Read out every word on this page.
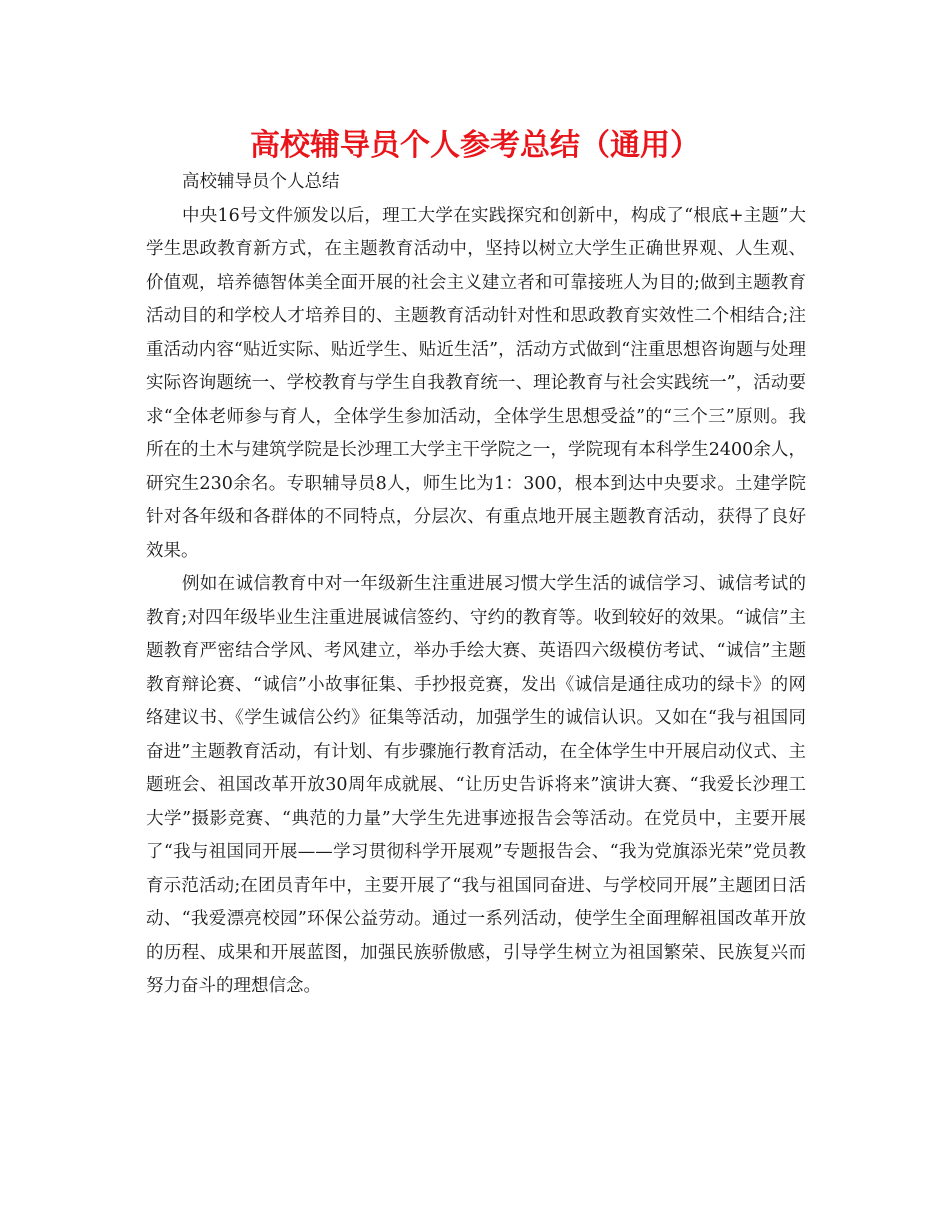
高校辅导员个人参考总结（通用）

高校辅导员个人总结

中央16号文件颁发以后，理工大学在实践探究和创新中，构成了“根底+主题”大学生思政教育新方式，在主题教育活动中，坚持以树立大学生正确世界观、人生观、价值观，培养德智体美全面开展的社会主义建立者和可靠接班人为目的;做到主题教育活动目的和学校人才培养目的、主题教育活动针对性和思政教育实效性二个相结合;注重活动内容“贴近实际、贴近学生、贴近生活”，活动方式做到“注重思想咨询题与处理实际咨询题统一、学校教育与学生自我教育统一、理论教育与社会实践统一”，活动要求“全体老师参与育人，全体学生参加活动，全体学生思想受益”的“三个三”原则。我所在的土木与建筑学院是长沙理工大学主干学院之一，学院现有本科学生2400余人，研究生230余名。专职辅导员8人，师生比为1：300，根本到达中央要求。土建学院针对各年级和各群体的不同特点，分层次、有重点地开展主题教育活动，获得了良好效果。

例如在诚信教育中对一年级新生注重进展习惯大学生活的诚信学习、诚信考试的教育;对四年级毕业生注重进展诚信签约、守约的教育等。收到较好的效果。“诚信”主题教育严密结合学风、考风建立，举办手绘大赛、英语四六级模仿考试、“诚信”主题教育辩论赛、“诚信”小故事征集、手抄报竞赛，发出《诚信是通往成功的绿卡》的网络建议书、《学生诚信公约》征集等活动，加强学生的诚信认识。又如在“我与祖国同奋进”主题教育活动，有计划、有步骤施行教育活动，在全体学生中开展启动仪式、主题班会、祖国改革开放30周年成就展、“让历史告诉将来”演讲大赛、“我爱长沙理工大学”摄影竞赛、“典范的力量”大学生先进事迹报告会等活动。在党员中，主要开展了“我与祖国同开展——学习贯彻科学开展观”专题报告会、“我为党旗添光荣”党员教育示范活动;在团员青年中，主要开展了“我与祖国同奋进、与学校同开展”主题团日活动、“我爱漂亮校园”环保公益劳动。通过一系列活动，使学生全面理解祖国改革开放的历程、成果和开展蓝图，加强民族骄傲感，引导学生树立为祖国繁荣、民族复兴而努力奋斗的理想信念。
